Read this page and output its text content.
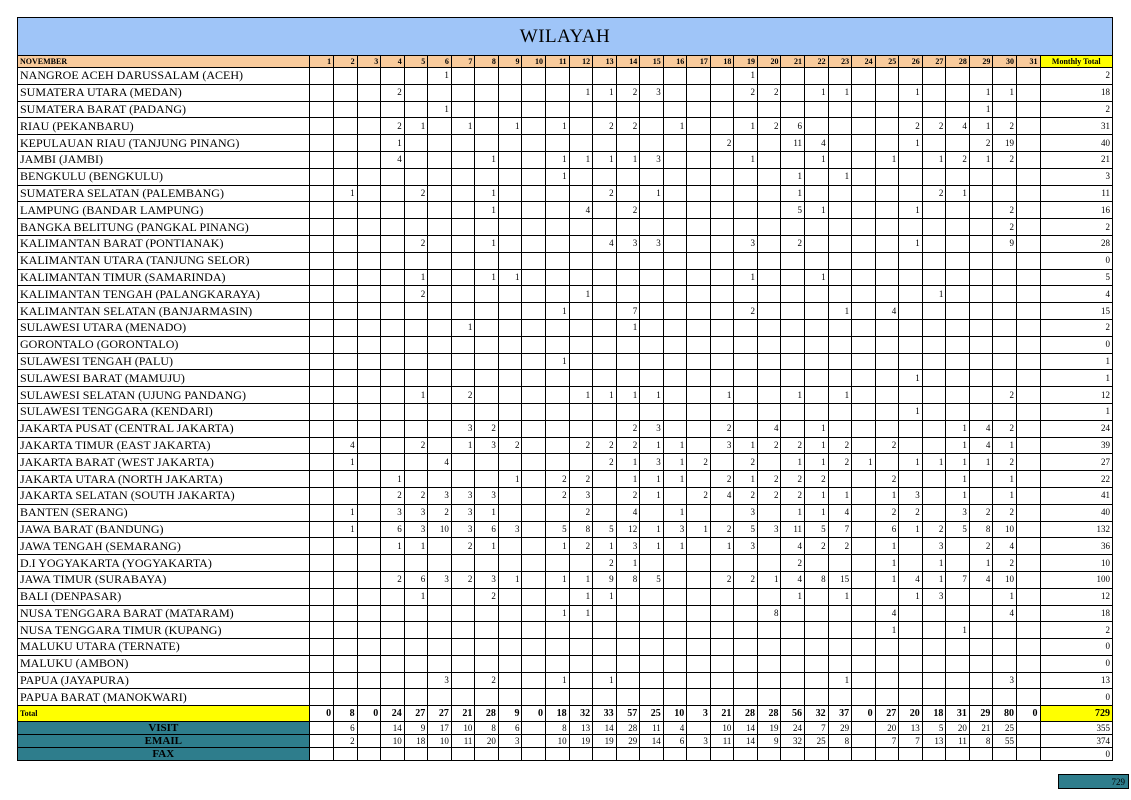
WILAYAH																																
NOVEMBER	1	2	3	4	5	6	7	8	9	10	11	12	13	14	15	16	17	18	19	20	21	22	23	24	25	26	27	28	29	30	31	Monthly Total
NANGROE ACEH DARUSSALAM (ACEH)						1													1													2
SUMATERA UTARA (MEDAN)				2								1	1	2	3				2	2		1	1			1			1	1		18
SUMATERA BARAT (PADANG)						1																							1			2
RIAU (PEKANBARU)				2	1		1		1		1		2	2		1			1	2	6					2	2	4	1	2		31
KEPULAUAN RIAU (TANJUNG PINANG)				1														2			11	4				1			2	19		40
JAMBI (JAMBI)				4				1			1	1	1	1	3				1			1			1		1	2	1	2		21
BENGKULU (BENGKULU)											1										1		1									3
SUMATERA SELATAN (PALEMBANG)		1			2			1					2		1						1						2	1				11
LAMPUNG (BANDAR LAMPUNG)								1				4		2							5	1				1				2		16
BANGKA BELITUNG (PANGKAL PINANG)																														2		2
KALIMANTAN BARAT (PONTIANAK)					2			1					4	3	3				3		2					1				9		28
KALIMANTAN UTARA (TANJUNG SELOR)																																0
KALIMANTAN TIMUR (SAMARINDA)					1			1	1										1			1										5
KALIMANTAN TENGAH (PALANGKARAYA)					2							1															1					4
KALIMANTAN SELATAN (BANJARMASIN)											1			7					2				1		4							15
SULAWESI UTARA (MENADO)							1							1																		2
GORONTALO (GORONTALO)																																0
SULAWESI TENGAH (PALU)											1																					1
SULAWESI BARAT (MAMUJU)																										1						1
SULAWESI SELATAN (UJUNG PANDANG)					1		2					1	1	1	1			1			1		1							2		12
SULAWESI TENGGARA (KENDARI)																										1						1
JAKARTA PUSAT (CENTRAL JAKARTA)							3	2						2	3			2		4		1						1	4	2		24
JAKARTA TIMUR (EAST JAKARTA)		4			2		1	3	2			2	2	2	1	1		3	1	2	2	1	2		2			1	4	1		39
JAKARTA BARAT (WEST JAKARTA)		1				4							2	1	3	1	2		2		1	1	2	1		1	1	1	1	2		27
JAKARTA UTARA (NORTH JAKARTA)				1					1		2	2		1	1	1		2	1	2	2	2			2			1		1		22
JAKARTA SELATAN (SOUTH JAKARTA)				2	2	3	3	3			2	3		2	1		2	4	2	2	2	1	1		1	3		1		1		41
BANTEN (SERANG)		1		3	3	2	3	1				2		4		1			3		1	1	4		2	2		3	2	2		40
JAWA BARAT (BANDUNG)		1		6	3	10	3	6	3		5	8	5	12	1	3	1	2	5	3	11	5	7		6	1	2	5	8	10		132
JAWA TENGAH (SEMARANG)				1	1		2	1			1	2	1	3	1	1		1	3		4	2	2		1		3		2	4		36
D.I YOGYAKARTA (YOGYAKARTA)													2	1							2				1		1		1	2		10
JAWA TIMUR (SURABAYA)				2	6	3	2	3	1		1	1	9	8	5			2	2	1	4	8	15		1	4	1	7	4	10		100
BALI (DENPASAR)					1			2				1	1								1		1			1	3			1		12
NUSA TENGGARA BARAT (MATARAM)											1	1								8					4					4		18
NUSA TENGGARA TIMUR (KUPANG)																									1			1				2
MALUKU UTARA (TERNATE)																																0
MALUKU (AMBON)																																0
PAPUA (JAYAPURA)						3		2			1		1										1							3		13
PAPUA BARAT (MANOKWARI)																																0
Total	0	8	0	24	27	27	21	28	9	0	18	32	33	57	25	10	3	21	28	28	56	32	37	0	27	20	18	31	29	80	0	729
VISIT		6		14	9	17	10	8	6		8	13	14	28	11	4		10	14	19	24	7	29		20	13	5	20	21	25		355
EMAIL		2		10	18	10	11	20	3		10	19	19	29	14	6	3	11	14	9	32	25	8		7	7	13	11	8	55		374
FAX																																0
729
